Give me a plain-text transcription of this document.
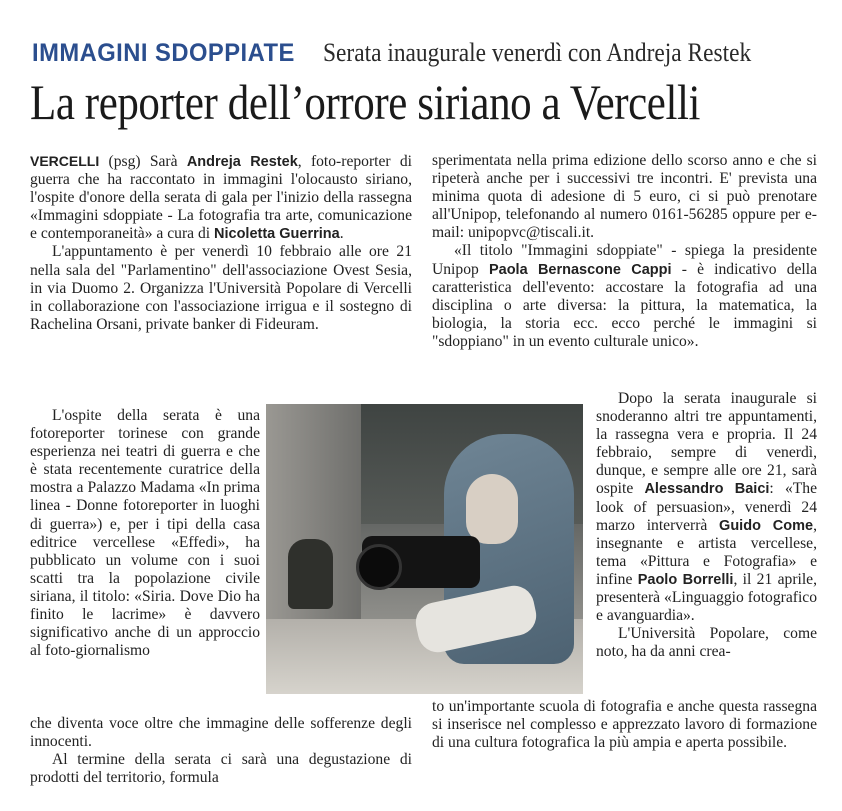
IMMAGINI SDOPPIATE Serata inaugurale venerdì con Andreja Restek
La reporter dell’orrore siriano a Vercelli

VERCELLI (psg) Sarà Andreja Restek, foto-reporter di guerra che ha raccontato in immagini l'olocausto siriano, l'ospite d'onore della serata di gala per l'inizio della rassegna «Immagini sdoppiate - La fotografia tra arte, comunicazione e contemporaneità» a cura di Nicoletta Guerrina.

L'appuntamento è per venerdì 10 febbraio alle ore 21 nella sala del "Parlamentino" dell'associazione Ovest Sesia, in via Duomo 2. Organizza l'Università Popolare di Vercelli in collaborazione con l'associazione irrigua e il sostegno di Rachelina Orsani, private banker di Fideuram.

L'ospite della serata è una fotoreporter torinese con grande esperienza nei teatri di guerra e che è stata recentemente curatrice della mostra a Palazzo Madama «In prima linea - Donne fotoreporter in luoghi di guerra») e, per i tipi della casa editrice vercellese «Effedi», ha pubblicato un volume con i suoi scatti tra la popolazione civile siriana, il titolo: «Siria. Dove Dio ha finito le lacrime» è davvero significativo anche di un approccio al foto-giornalismo

che diventa voce oltre che immagine delle sofferenze degli innocenti.

Al termine della serata ci sarà una degustazione di prodotti del territorio, formula

sperimentata nella prima edizione dello scorso anno e che si ripeterà anche per i successivi tre incontri. E' prevista una minima quota di adesione di 5 euro, ci si può prenotare all'Unipop, telefonando al numero 0161-56285 oppure per e-mail: unipopvc@tiscali.it.

«Il titolo "Immagini sdoppiate" - spiega la presidente Unipop Paola Bernascone Cappi - è indicativo della caratteristica dell'evento: accostare la fotografia ad una disciplina o arte diversa: la pittura, la matematica, la biologia, la storia ecc. ecco perché le immagini si "sdoppiano" in un evento culturale unico».

Dopo la serata inaugurale si snoderanno altri tre appuntamenti, la rassegna vera e propria. Il 24 febbraio, sempre di venerdì, dunque, e sempre alle ore 21, sarà ospite Alessandro Baici: «The look of persuasion», venerdì 24 marzo interverrà Guido Come, insegnante e artista vercellese, tema «Pittura e Fotografia» e infine Paolo Borrelli, il 21 aprile, presenterà «Linguaggio fotografico e avanguardia».

L'Università Popolare, come noto, ha da anni crea-

to un'importante scuola di fotografia e anche questa rassegna si inserisce nel complesso e apprezzato lavoro di formazione di una cultura fotografica la più ampia e aperta possibile.
